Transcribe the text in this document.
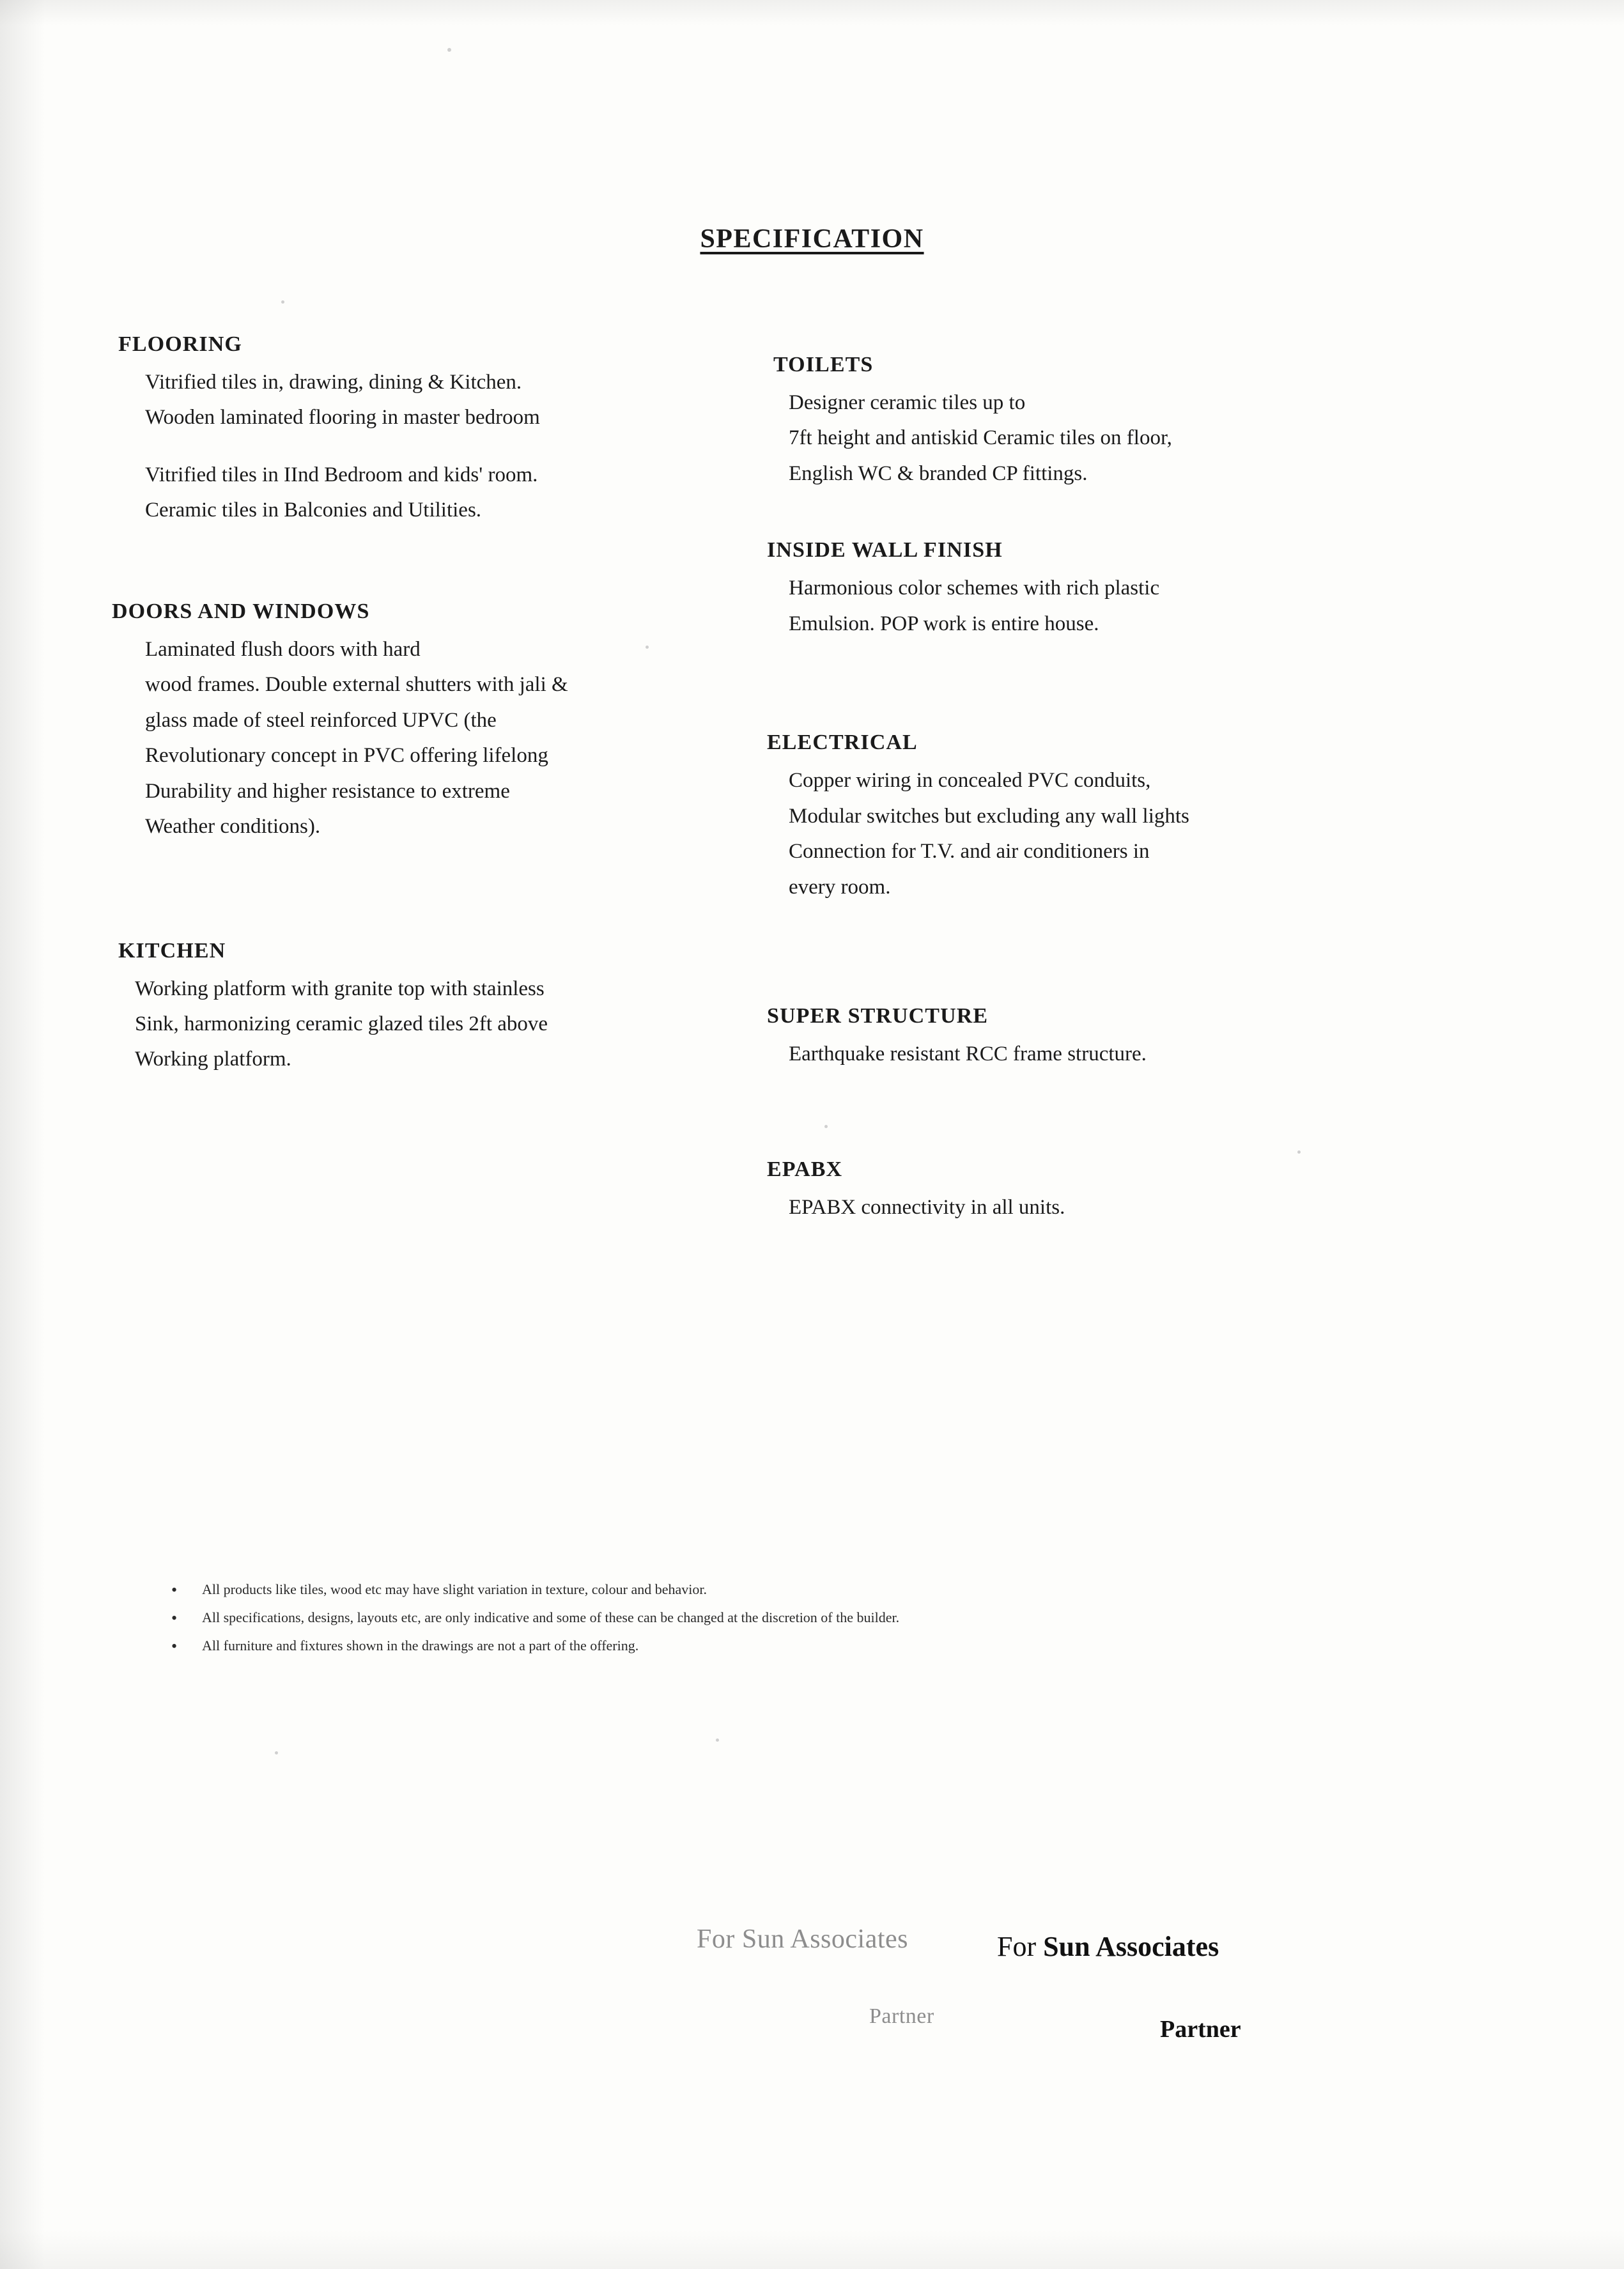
SPECIFICATION
FLOORING

Vitrified tiles in, drawing, dining & Kitchen.

Wooden laminated flooring in master bedroom

Vitrified tiles in IInd Bedroom and kids' room.

Ceramic tiles in Balconies and Utilities.

DOORS AND WINDOWS

Laminated flush doors with hard

wood frames. Double external shutters with jali &

glass made of steel reinforced UPVC (the

Revolutionary concept in PVC offering lifelong

Durability and higher resistance to extreme

Weather conditions).

KITCHEN

Working platform with granite top with stainless

Sink, harmonizing ceramic glazed tiles 2ft above

Working platform.

TOILETS

Designer ceramic tiles up to

7ft height and antiskid Ceramic tiles on floor,

English WC & branded CP fittings.

INSIDE WALL FINISH

Harmonious color schemes with rich plastic

Emulsion. POP work is entire house.

ELECTRICAL

Copper wiring in concealed PVC conduits,

Modular switches but excluding any wall lights

Connection for T.V. and air conditioners in

every room.

SUPER STRUCTURE

Earthquake resistant RCC frame structure.

EPABX

EPABX connectivity in all units.

• All products like tiles, wood etc may have slight variation in texture, colour and behavior.
• All specifications, designs, layouts etc, are only indicative and some of these can be changed at the discretion of the builder.
• All furniture and fixtures shown in the drawings are not a part of the offering.
For Sun Associates
Partner
For Sun Associates
Partner
